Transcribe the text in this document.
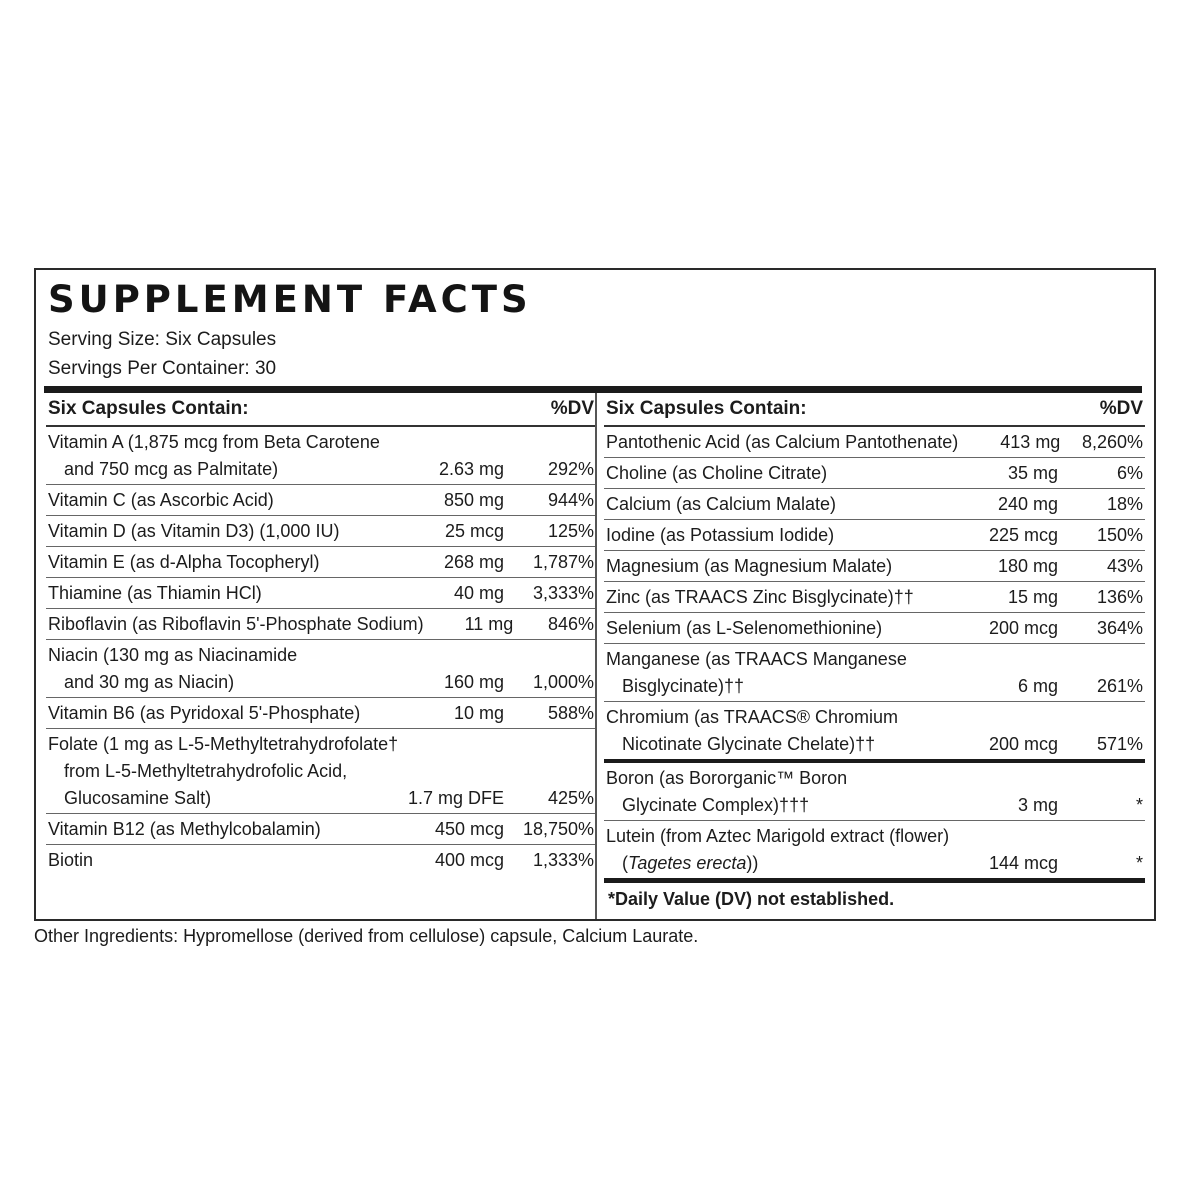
SUPPLEMENT FACTS
Serving Size: Six Capsules
Servings Per Container: 30
Six Capsules Contain:	%DV
Vitamin A (1,875 mcg from Beta Carotene
and 750 mcg as Palmitate)	2.63 mg	292%
Vitamin C (as Ascorbic Acid)	850 mg	944%
Vitamin D (as Vitamin D3) (1,000 IU)	25 mcg	125%
Vitamin E (as d-Alpha Tocopheryl)	268 mg	1,787%
Thiamine (as Thiamin HCl)	40 mg	3,333%
Riboflavin (as Riboflavin 5'-Phosphate Sodium)	11 mg	846%
Niacin (130 mg as Niacinamide
and 30 mg as Niacin)	160 mg	1,000%
Vitamin B6 (as Pyridoxal 5'-Phosphate)	10 mg	588%
Folate (1 mg as L-5-Methyltetrahydrofolate†
from L-5-Methyltetrahydrofolic Acid,
Glucosamine Salt)	1.7 mg DFE	425%
Vitamin B12 (as Methylcobalamin)	450 mcg	18,750%
Biotin	400 mcg	1,333%
Six Capsules Contain:	%DV
Pantothenic Acid (as Calcium Pantothenate)	413 mg	8,260%
Choline (as Choline Citrate)	35 mg	6%
Calcium (as Calcium Malate)	240 mg	18%
Iodine (as Potassium Iodide)	225 mcg	150%
Magnesium (as Magnesium Malate)	180 mg	43%
Zinc (as TRAACS Zinc Bisglycinate)††	15 mg	136%
Selenium (as L-Selenomethionine)	200 mcg	364%
Manganese (as TRAACS Manganese
Bisglycinate)††	6 mg	261%
Chromium (as TRAACS® Chromium
Nicotinate Glycinate Chelate)††	200 mcg	571%
Boron (as Bororganic™ Boron
Glycinate Complex)†††	3 mg	*
Lutein (from Aztec Marigold extract (flower)
(Tagetes erecta))	144 mcg	*
*Daily Value (DV) not established.
Other Ingredients: Hypromellose (derived from cellulose) capsule, Calcium Laurate.
